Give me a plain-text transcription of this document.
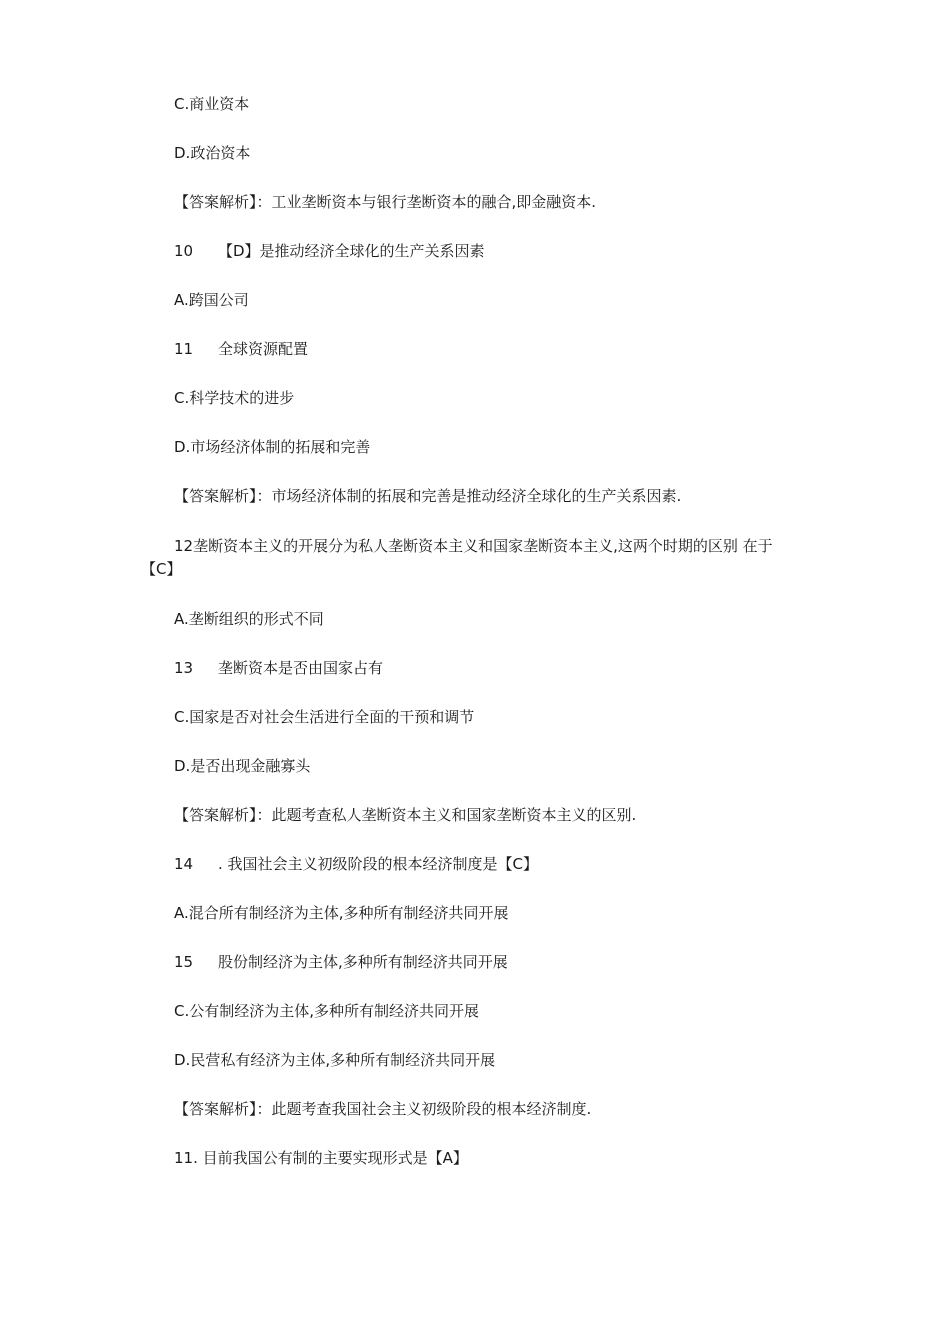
C.商业资本
D.政治资本
【答案解析】：工业垄断资本与银行垄断资本的融合,即金融资本.
10 【D】是推动经济全球化的生产关系因素
A.跨国公司
11 全球资源配置
C.科学技术的进步
D.市场经济体制的拓展和完善
【答案解析】：市场经济体制的拓展和完善是推动经济全球化的生产关系因素.
12垄断资本主义的开展分为私人垄断资本主义和国家垄断资本主义,这两个时期的区别 在于【C】
A.垄断组织的形式不同
13 垄断资本是否由国家占有
C.国家是否对社会生活进行全面的干预和调节
D.是否出现金融寡头
【答案解析】：此题考查私人垄断资本主义和国家垄断资本主义的区别.
14 . 我国社会主义初级阶段的根本经济制度是【C】
A.混合所有制经济为主体,多种所有制经济共同开展
15 股份制经济为主体,多种所有制经济共同开展
C.公有制经济为主体,多种所有制经济共同开展
D.民营私有经济为主体,多种所有制经济共同开展
【答案解析】：此题考查我国社会主义初级阶段的根本经济制度.
11. 目前我国公有制的主要实现形式是【A】
